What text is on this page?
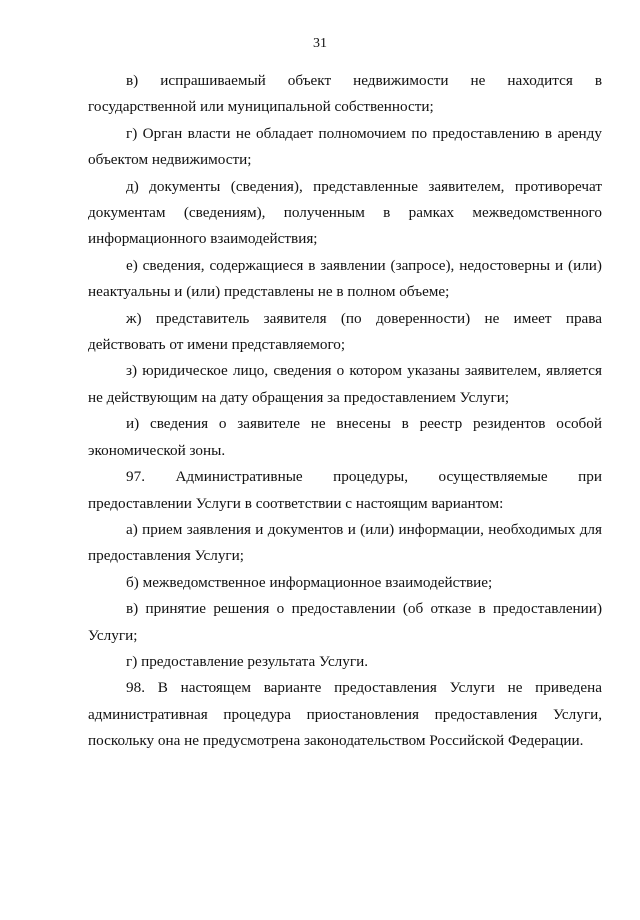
31

в) испрашиваемый объект недвижимости не находится в государственной или муниципальной собственности;

г) Орган власти не обладает полномочием по предоставлению в аренду объектом недвижимости;

д) документы (сведения), представленные заявителем, противоречат документам (сведениям), полученным в рамках межведомственного информационного взаимодействия;

е) сведения, содержащиеся в заявлении (запросе), недостоверны и (или) неактуальны и (или) представлены не в полном объеме;

ж) представитель заявителя (по доверенности) не имеет права действовать от имени представляемого;

з) юридическое лицо, сведения о котором указаны заявителем, является не действующим на дату обращения за предоставлением Услуги;

и) сведения о заявителе не внесены в реестр резидентов особой экономической зоны.

97. Административные процедуры, осуществляемые при предоставлении Услуги в соответствии с настоящим вариантом:

а) прием заявления и документов и (или) информации, необходимых для предоставления Услуги;

б) межведомственное информационное взаимодействие;

в) принятие решения о предоставлении (об отказе в предоставлении) Услуги;

г) предоставление результата Услуги.

98. В настоящем варианте предоставления Услуги не приведена административная процедура приостановления предоставления Услуги, поскольку она не предусмотрена законодательством Российской Федерации.
